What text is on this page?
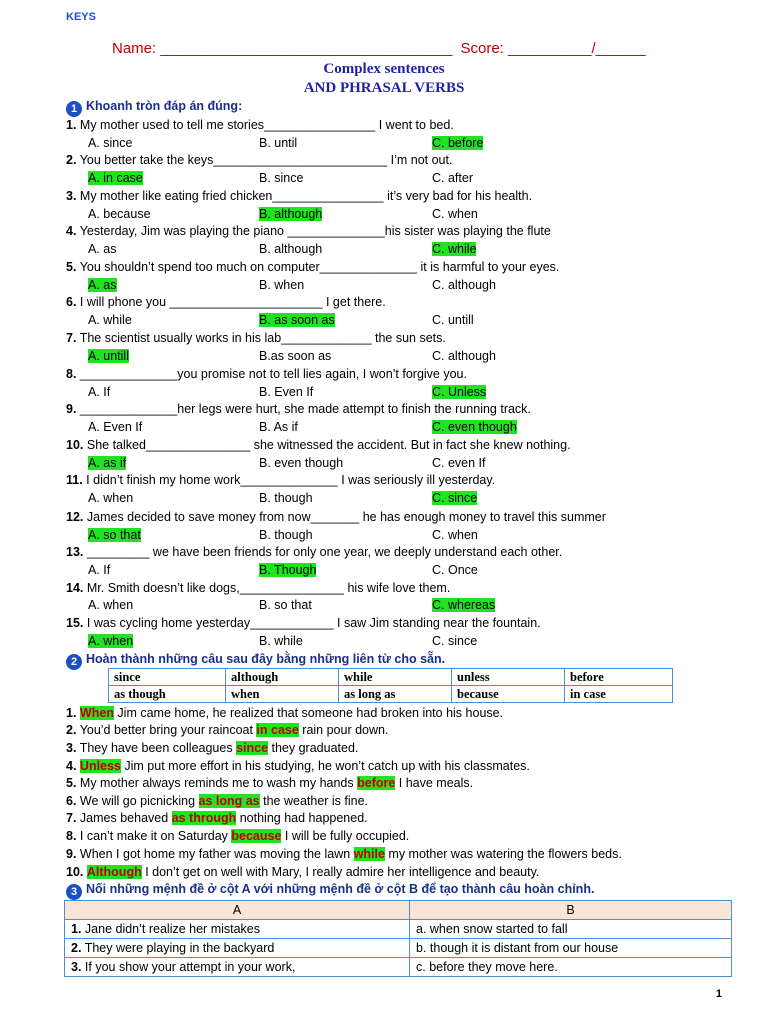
KEYS
Name: ___________________________________ Score: __________/______
Complex sentences
AND PHRASAL VERBS
1 Khoanh tròn đáp án đúng:
1. My mother used to tell me stories________________ I went to bed.
A. since	B. until	C. before
2. You better take the keys_________________________ I’m not out.
A. in case	B. since	C. after
3. My mother like eating fried chicken________________ it’s very bad for his health.
A. because	B. although	C. when
4. Yesterday, Jim was playing the piano ______________his sister was playing the flute
A. as	B. although	C. while
5. You shouldn’t spend too much on computer______________ it is harmful to your eyes.
A. as	B. when	C. although
6. I will phone you ______________________ I get there.
A. while	B. as soon as	C. untill
7. The scientist usually works in his lab_____________ the sun sets.
A. untill	B.as soon as	C. although
8. ______________you promise not to tell lies again, I won’t forgive you.
A. If	B. Even If	C. Unless
9. ______________her legs were hurt, she made attempt to finish the running track.
A. Even If	B. As if	C. even though
10. She talked_______________ she witnessed the accident. But in fact she knew nothing.
A. as if	B. even though	C. even If
11. I didn’t finish my home work______________ I was seriously ill yesterday.
A. when	B. though	C. since
12. James decided to save money from now_______ he has enough money to travel this summer
A. so that	B. though	C. when
13. _________ we have been friends for only one year, we deeply understand each other.
A. If	B. Though	C. Once
14. Mr. Smith doesn’t like dogs,_______________ his wife love them.
A. when	B. so that	C. whereas
15. I was cycling home yesterday____________ I saw Jim standing near the fountain.
A. when	B. while	C. since
2 Hoàn thành những câu sau đây bằng những liên từ cho sẵn.
since	although	while	unless	before
as though	when	as long as	because	in case
1. When Jim came home, he realized that someone had broken into his house.
2. You’d better bring your raincoat in case rain pour down.
3. They have been colleagues since they graduated.
4. Unless Jim put more effort in his studying, he won’t catch up with his classmates.
5. My mother always reminds me to wash my hands before I have meals.
6. We will go picnicking as long as the weather is fine.
7. James behaved as through nothing had happened.
8. I can’t make it on Saturday because I will be fully occupied.
9. When I got home my father was moving the lawn while my mother was watering the flowers beds.
10. Although I don’t get on well with Mary, I really admire her intelligence and beauty.
3 Nối những mệnh đề ở cột A với những mệnh đề ở cột B để tạo thành câu hoàn chỉnh.
A	B
1. Jane didn’t realize her mistakes	a. when snow started to fall
2. They were playing in the backyard	b. though it is distant from our house
3. If you show your attempt in your work,	c. before they move here.
1
